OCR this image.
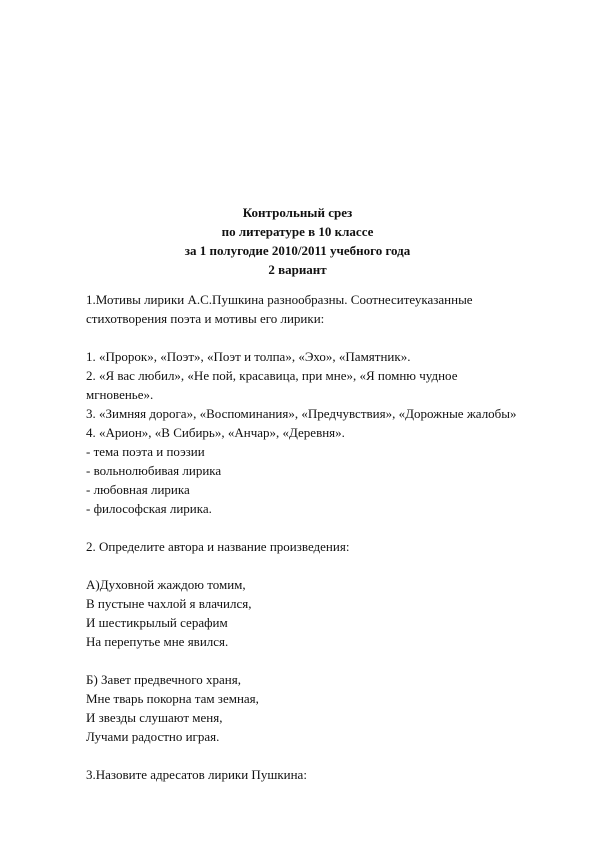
Контрольный срез
по литературе в 10 классе
за 1 полугодие 2010/2011 учебного года
2 вариант
1.Мотивы лирики А.С.Пушкина разнообразны. Соотнеситеуказанные
стихотворения поэта и мотивы его лирики:
1. «Пророк», «Поэт», «Поэт и толпа», «Эхо», «Памятник».
2. «Я вас любил», «Не пой, красавица, при мне», «Я помню чудное
мгновенье».
3. «Зимняя дорога», «Воспоминания», «Предчувствия», «Дорожные жалобы»
4. «Арион», «В Сибирь», «Анчар», «Деревня».
- тема поэта и поэзии
- вольнолюбивая лирика
- любовная лирика
- философская лирика.
2. Определите автора и название произведения:
А)Духовной жаждою томим,
В пустыне чахлой я влачился,
И шестикрылый серафим
На перепутье мне явился.
Б) Завет предвечного храня,
Мне тварь покорна там земная,
И звезды слушают меня,
Лучами радостно играя.
3.Назовите адресатов лирики Пушкина:
